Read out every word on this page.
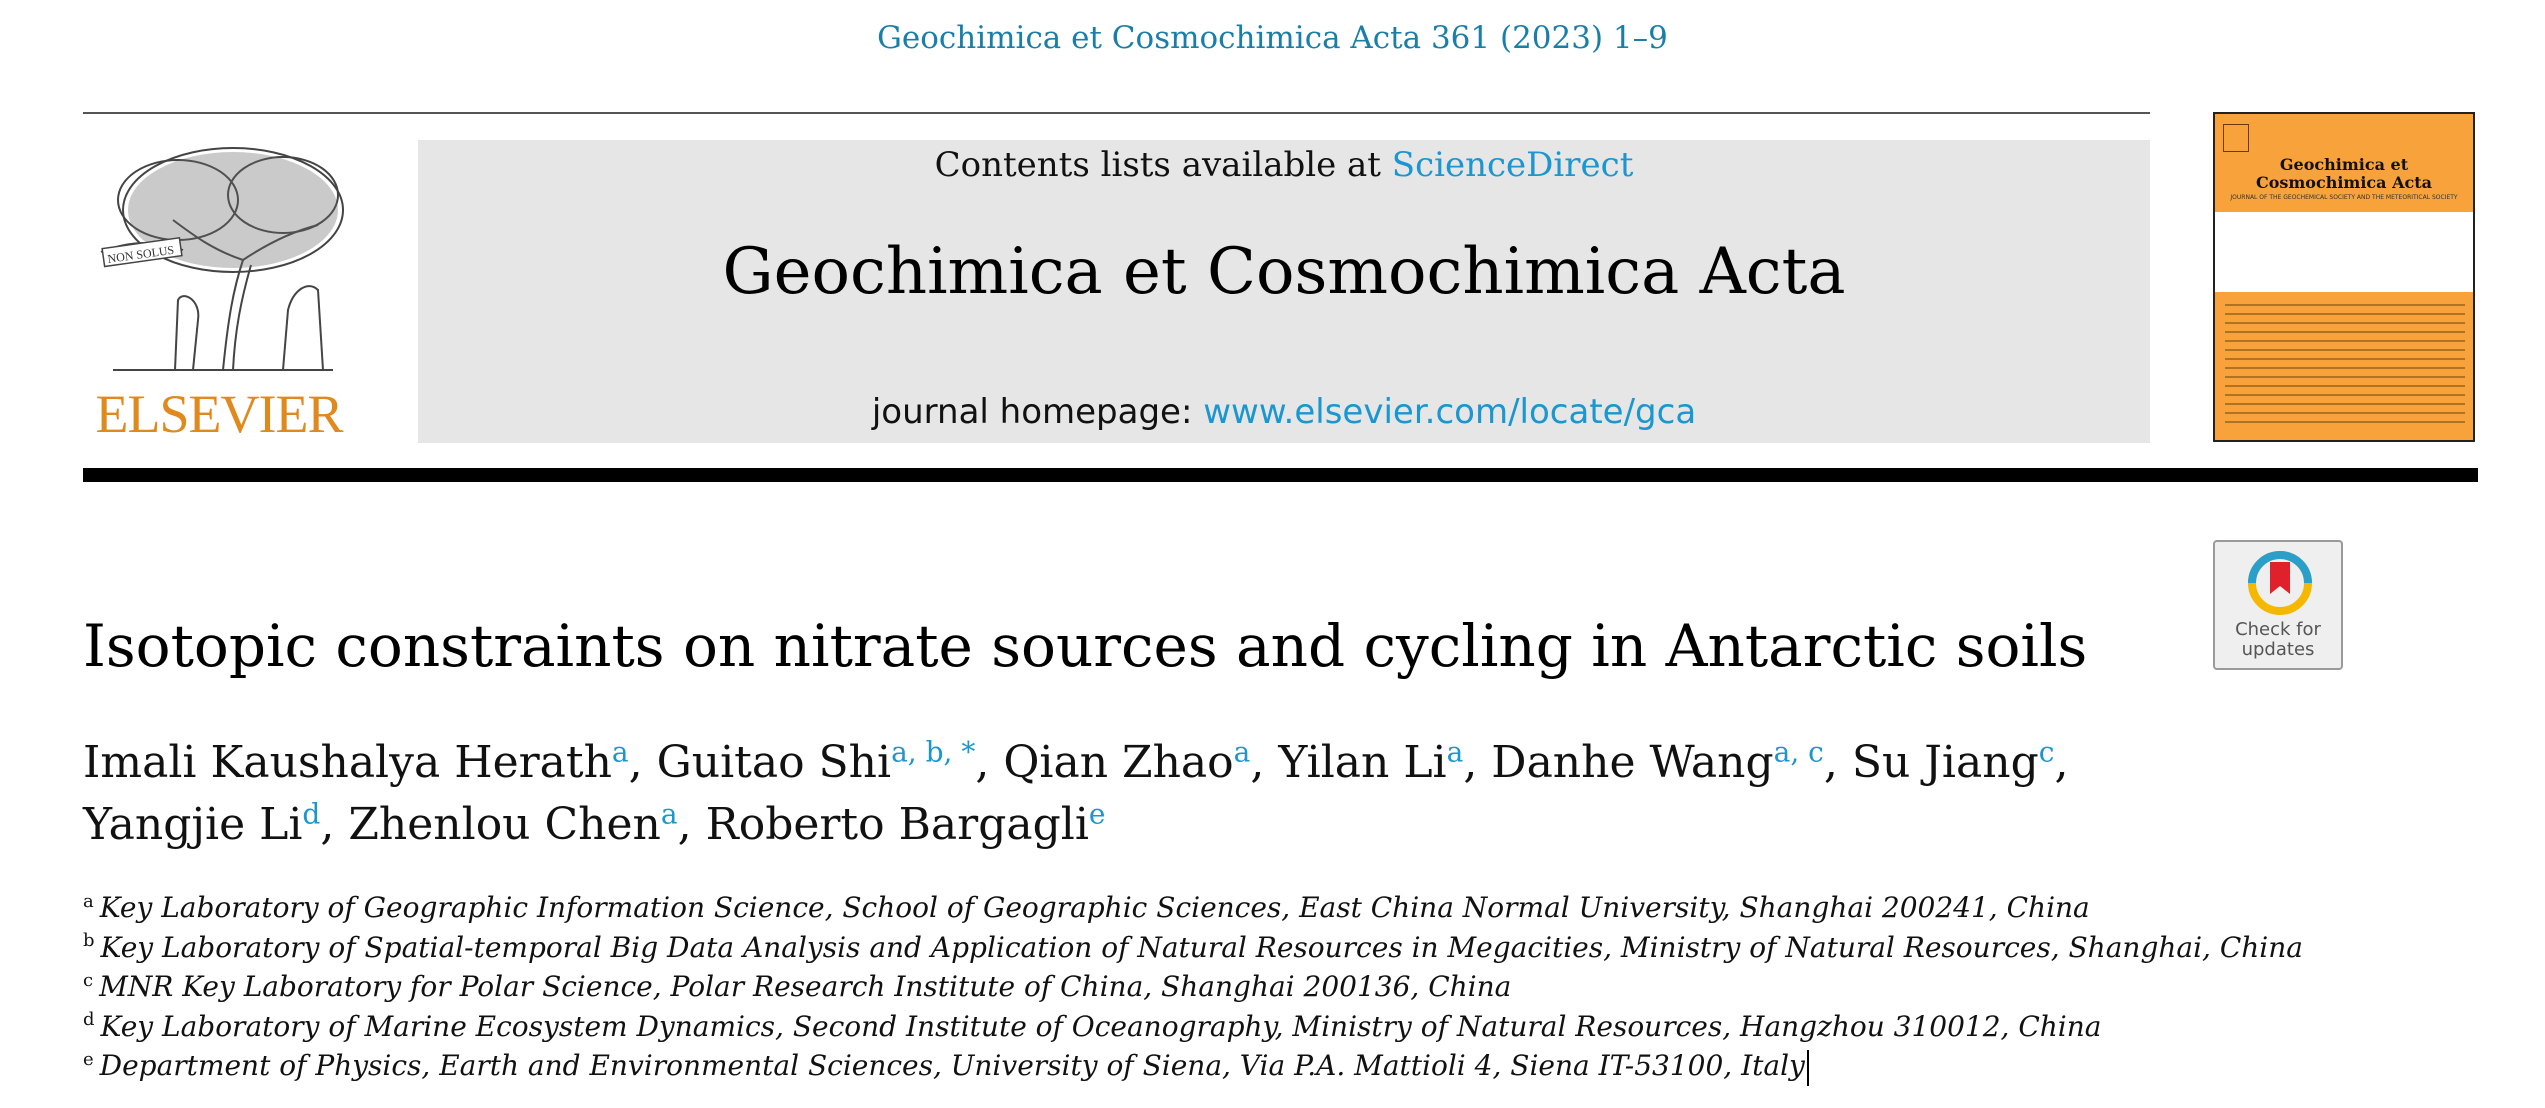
Geochimica et Cosmochimica Acta 361 (2023) 1–9
NON SOLUS
ELSEVIER
Contents lists available at ScienceDirect
Geochimica et Cosmochimica Acta
journal homepage: www.elsevier.com/locate/gca
Geochimica et Cosmochimica Acta
JOURNAL OF THE GEOCHEMICAL SOCIETY AND THE METEORITICAL SOCIETY
Check for
updates
Isotopic constraints on nitrate sources and cycling in Antarctic soils
Imali Kaushalya Herath$^a$, Guitao Shi$^{a, b, *}$, Qian Zhao$^a$, Yilan Li$^a$, Danhe Wang$^{a, c}$, Su Jiang$^c$,
Yangjie Li$^d$, Zhenlou Chen$^a$, Roberto Bargagli$^e$
$^a$ Key Laboratory of Geographic Information Science, School of Geographic Sciences, East China Normal University, Shanghai 200241, China
$^b$ Key Laboratory of Spatial-temporal Big Data Analysis and Application of Natural Resources in Megacities, Ministry of Natural Resources, Shanghai, China
$^c$ MNR Key Laboratory for Polar Science, Polar Research Institute of China, Shanghai 200136, China
$^d$ Key Laboratory of Marine Ecosystem Dynamics, Second Institute of Oceanography, Ministry of Natural Resources, Hangzhou 310012, China
$^e$ Department of Physics, Earth and Environmental Sciences, University of Siena, Via P.A. Mattioli 4, Siena IT-53100, Italy
